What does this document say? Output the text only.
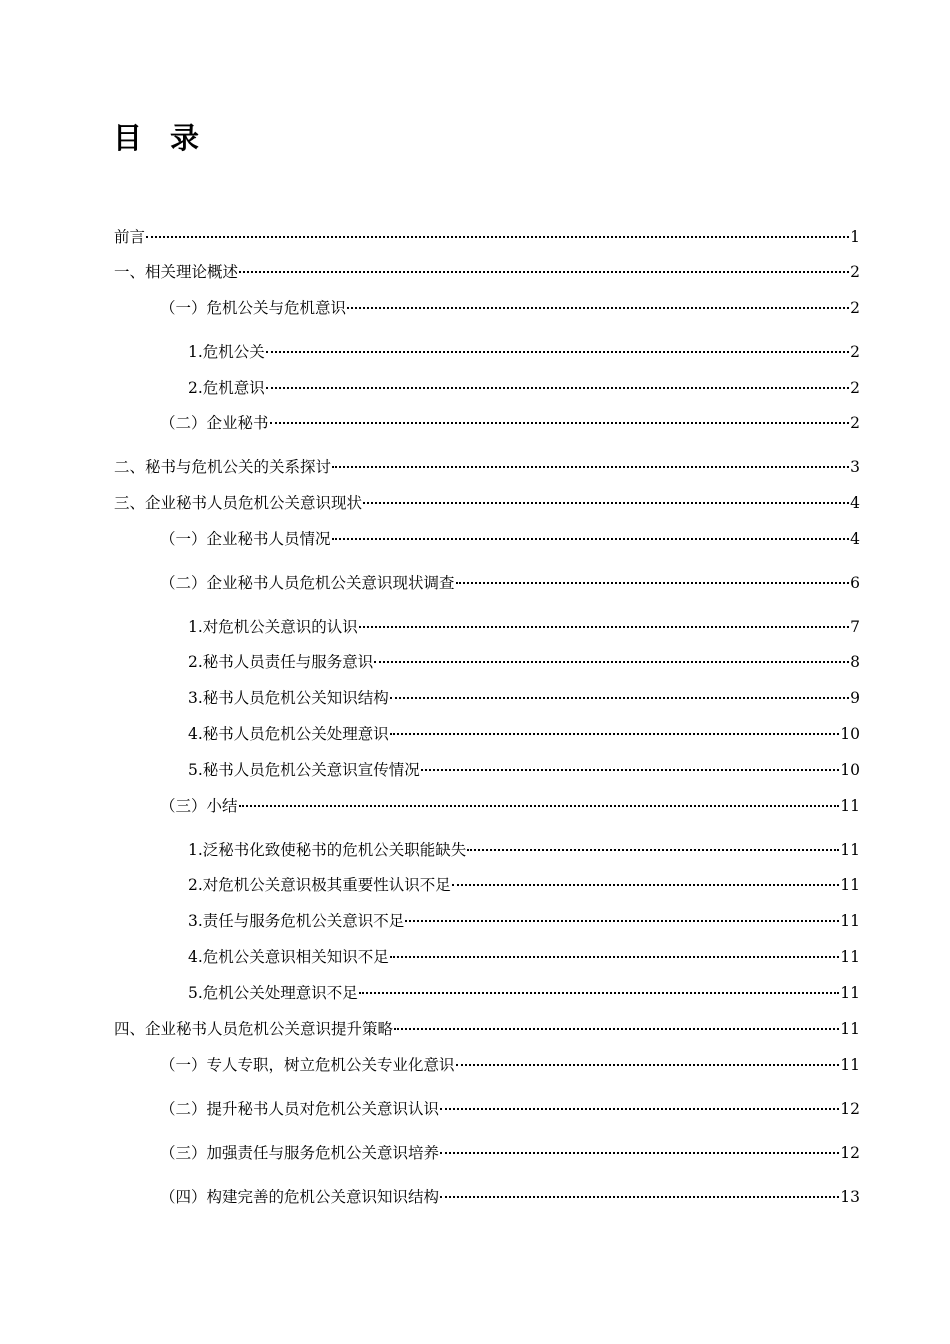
目录
前言	1
一、相关理论概述	2
（一）危机公关与危机意识	2
1.危机公关	2
2.危机意识	2
（二）企业秘书	2
二、秘书与危机公关的关系探讨	3
三、企业秘书人员危机公关意识现状	4
（一）企业秘书人员情况	4
（二）企业秘书人员危机公关意识现状调查	6
1.对危机公关意识的认识	7
2.秘书人员责任与服务意识	8
3.秘书人员危机公关知识结构	9
4.秘书人员危机公关处理意识	10
5.秘书人员危机公关意识宣传情况	10
（三）小结	11
1.泛秘书化致使秘书的危机公关职能缺失	11
2.对危机公关意识极其重要性认识不足	11
3.责任与服务危机公关意识不足	11
4.危机公关意识相关知识不足	11
5.危机公关处理意识不足	11
四、企业秘书人员危机公关意识提升策略	11
（一）专人专职，树立危机公关专业化意识	11
（二）提升秘书人员对危机公关意识认识	12
（三）加强责任与服务危机公关意识培养	12
（四）构建完善的危机公关意识知识结构	13
